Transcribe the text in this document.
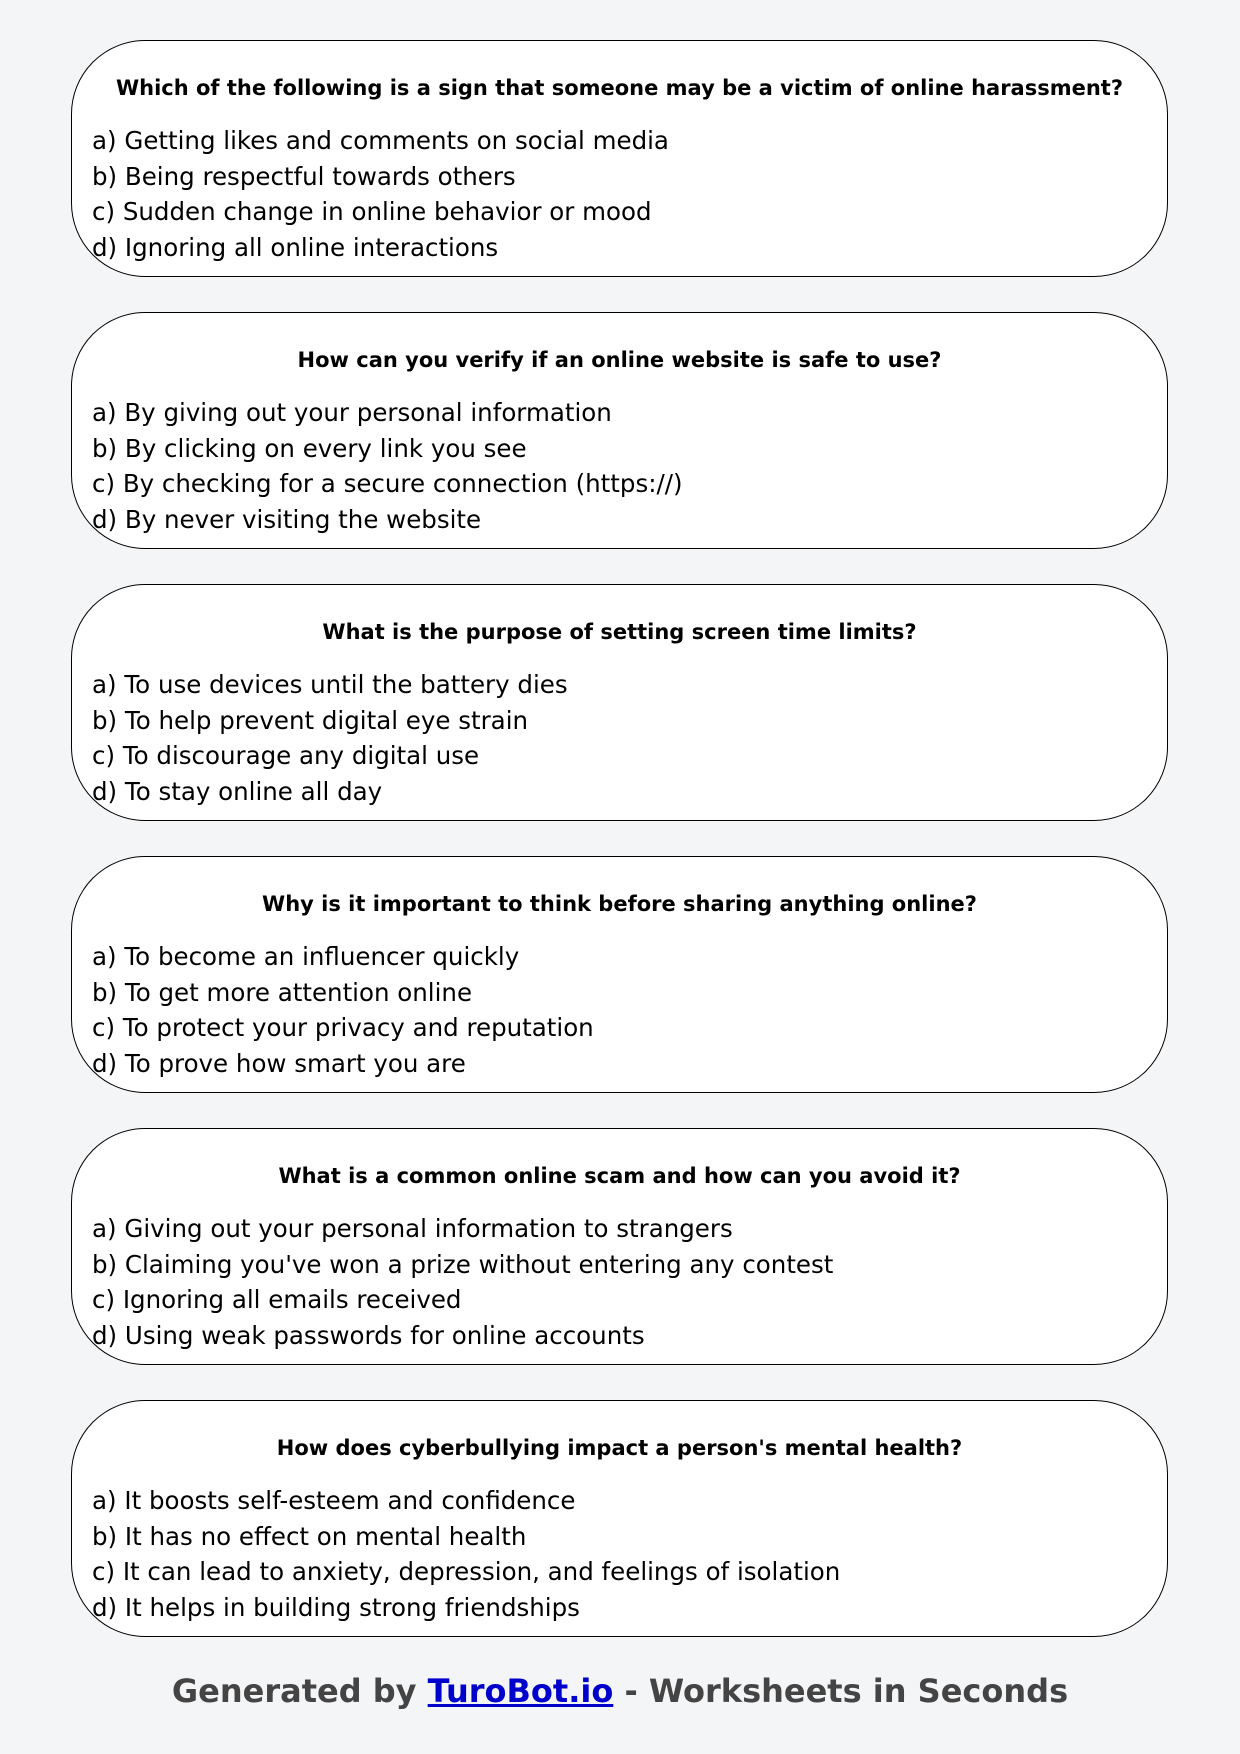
Which of the following is a sign that someone may be a victim of online harassment?
a) Getting likes and comments on social media
b) Being respectful towards others
c) Sudden change in online behavior or mood
d) Ignoring all online interactions
How can you verify if an online website is safe to use?
a) By giving out your personal information
b) By clicking on every link you see
c) By checking for a secure connection (https://)
d) By never visiting the website
What is the purpose of setting screen time limits?
a) To use devices until the battery dies
b) To help prevent digital eye strain
c) To discourage any digital use
d) To stay online all day
Why is it important to think before sharing anything online?
a) To become an influencer quickly
b) To get more attention online
c) To protect your privacy and reputation
d) To prove how smart you are
What is a common online scam and how can you avoid it?
a) Giving out your personal information to strangers
b) Claiming you've won a prize without entering any contest
c) Ignoring all emails received
d) Using weak passwords for online accounts
How does cyberbullying impact a person's mental health?
a) It boosts self-esteem and confidence
b) It has no effect on mental health
c) It can lead to anxiety, depression, and feelings of isolation
d) It helps in building strong friendships
Generated by TuroBot.io - Worksheets in Seconds
